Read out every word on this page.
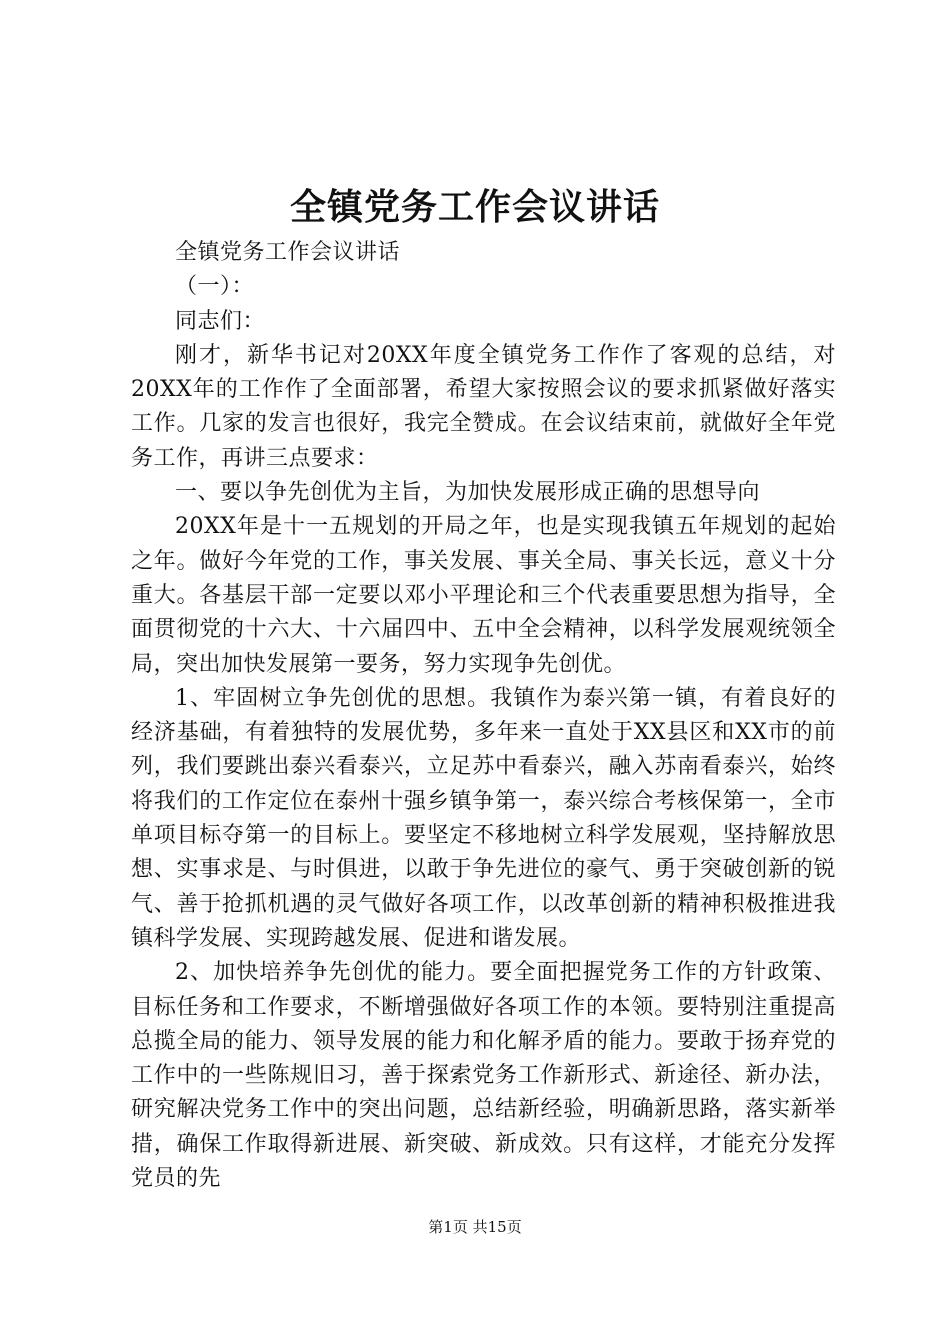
全镇党务工作会议讲话

全镇党务工作会议讲话

（一）：

同志们：

刚才，新华书记对20XX年度全镇党务工作作了客观的总结，对20XX年的工作作了全面部署，希望大家按照会议的要求抓紧做好落实工作。几家的发言也很好，我完全赞成。在会议结束前，就做好全年党务工作，再讲三点要求：

一、要以争先创优为主旨，为加快发展形成正确的思想导向

20XX年是十一五规划的开局之年，也是实现我镇五年规划的起始之年。做好今年党的工作，事关发展、事关全局、事关长远，意义十分重大。各基层干部一定要以邓小平理论和三个代表重要思想为指导，全面贯彻党的十六大、十六届四中、五中全会精神，以科学发展观统领全局，突出加快发展第一要务，努力实现争先创优。

1、牢固树立争先创优的思想。我镇作为泰兴第一镇，有着良好的经济基础，有着独特的发展优势，多年来一直处于XX县区和XX市的前列，我们要跳出泰兴看泰兴，立足苏中看泰兴，融入苏南看泰兴，始终将我们的工作定位在泰州十强乡镇争第一，泰兴综合考核保第一，全市单项目标夺第一的目标上。要坚定不移地树立科学发展观，坚持解放思想、实事求是、与时俱进，以敢于争先进位的豪气、勇于突破创新的锐气、善于抢抓机遇的灵气做好各项工作，以改革创新的精神积极推进我镇科学发展、实现跨越发展、促进和谐发展。

2、加快培养争先创优的能力。要全面把握党务工作的方针政策、目标任务和工作要求，不断增强做好各项工作的本领。要特别注重提高总揽全局的能力、领导发展的能力和化解矛盾的能力。要敢于扬弃党的工作中的一些陈规旧习，善于探索党务工作新形式、新途径、新办法，研究解决党务工作中的突出问题，总结新经验，明确新思路，落实新举措，确保工作取得新进展、新突破、新成效。只有这样，才能充分发挥党员的先

第1页 共15页
